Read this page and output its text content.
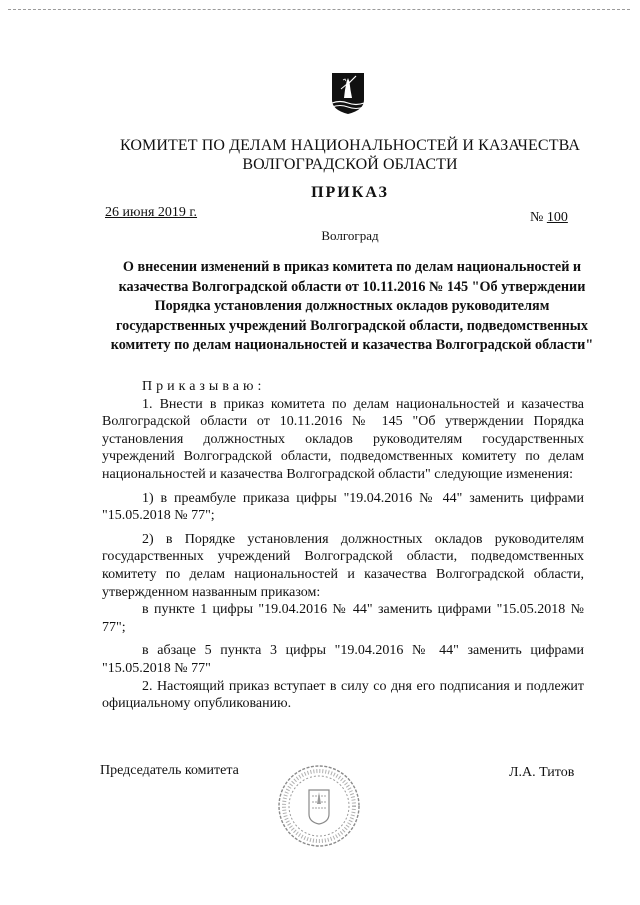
КОМИТЕТ ПО ДЕЛАМ НАЦИОНАЛЬНОСТЕЙ И КАЗАЧЕСТВА
ВОЛГОГРАДСКОЙ ОБЛАСТИ
ПРИКАЗ
26 июня 2019 г.	№ 100
Волгоград
О внесении изменений в приказ комитета по делам национальностей и казачества Волгоградской области от 10.11.2016 № 145 "Об утверждении Порядка установления должностных окладов руководителям государственных учреждений Волгоградской области, подведомственных комитету по делам национальностей и казачества Волгоградской области"

Приказываю:

1. Внести в приказ комитета по делам национальностей и казачества Волгоградской области от 10.11.2016 № 145 "Об утверждении Порядка установления должностных окладов руководителям государственных учреждений Волгоградской области, подведомственных комитету по делам национальностей и казачества Волгоградской области" следующие изменения:

1) в преамбуле приказа цифры "19.04.2016 № 44" заменить цифрами "15.05.2018 № 77";

2) в Порядке установления должностных окладов руководителям государственных учреждений Волгоградской области, подведомственных комитету по делам национальностей и казачества Волгоградской области, утвержденном названным приказом:

в пункте 1 цифры "19.04.2016 № 44" заменить цифрами "15.05.2018 № 77";

в абзаце 5 пункта 3 цифры "19.04.2016 № 44" заменить цифрами "15.05.2018 № 77"

2. Настоящий приказ вступает в силу со дня его подписания и подлежит официальному опубликованию.

Председатель комитета	Л.А. Титов
